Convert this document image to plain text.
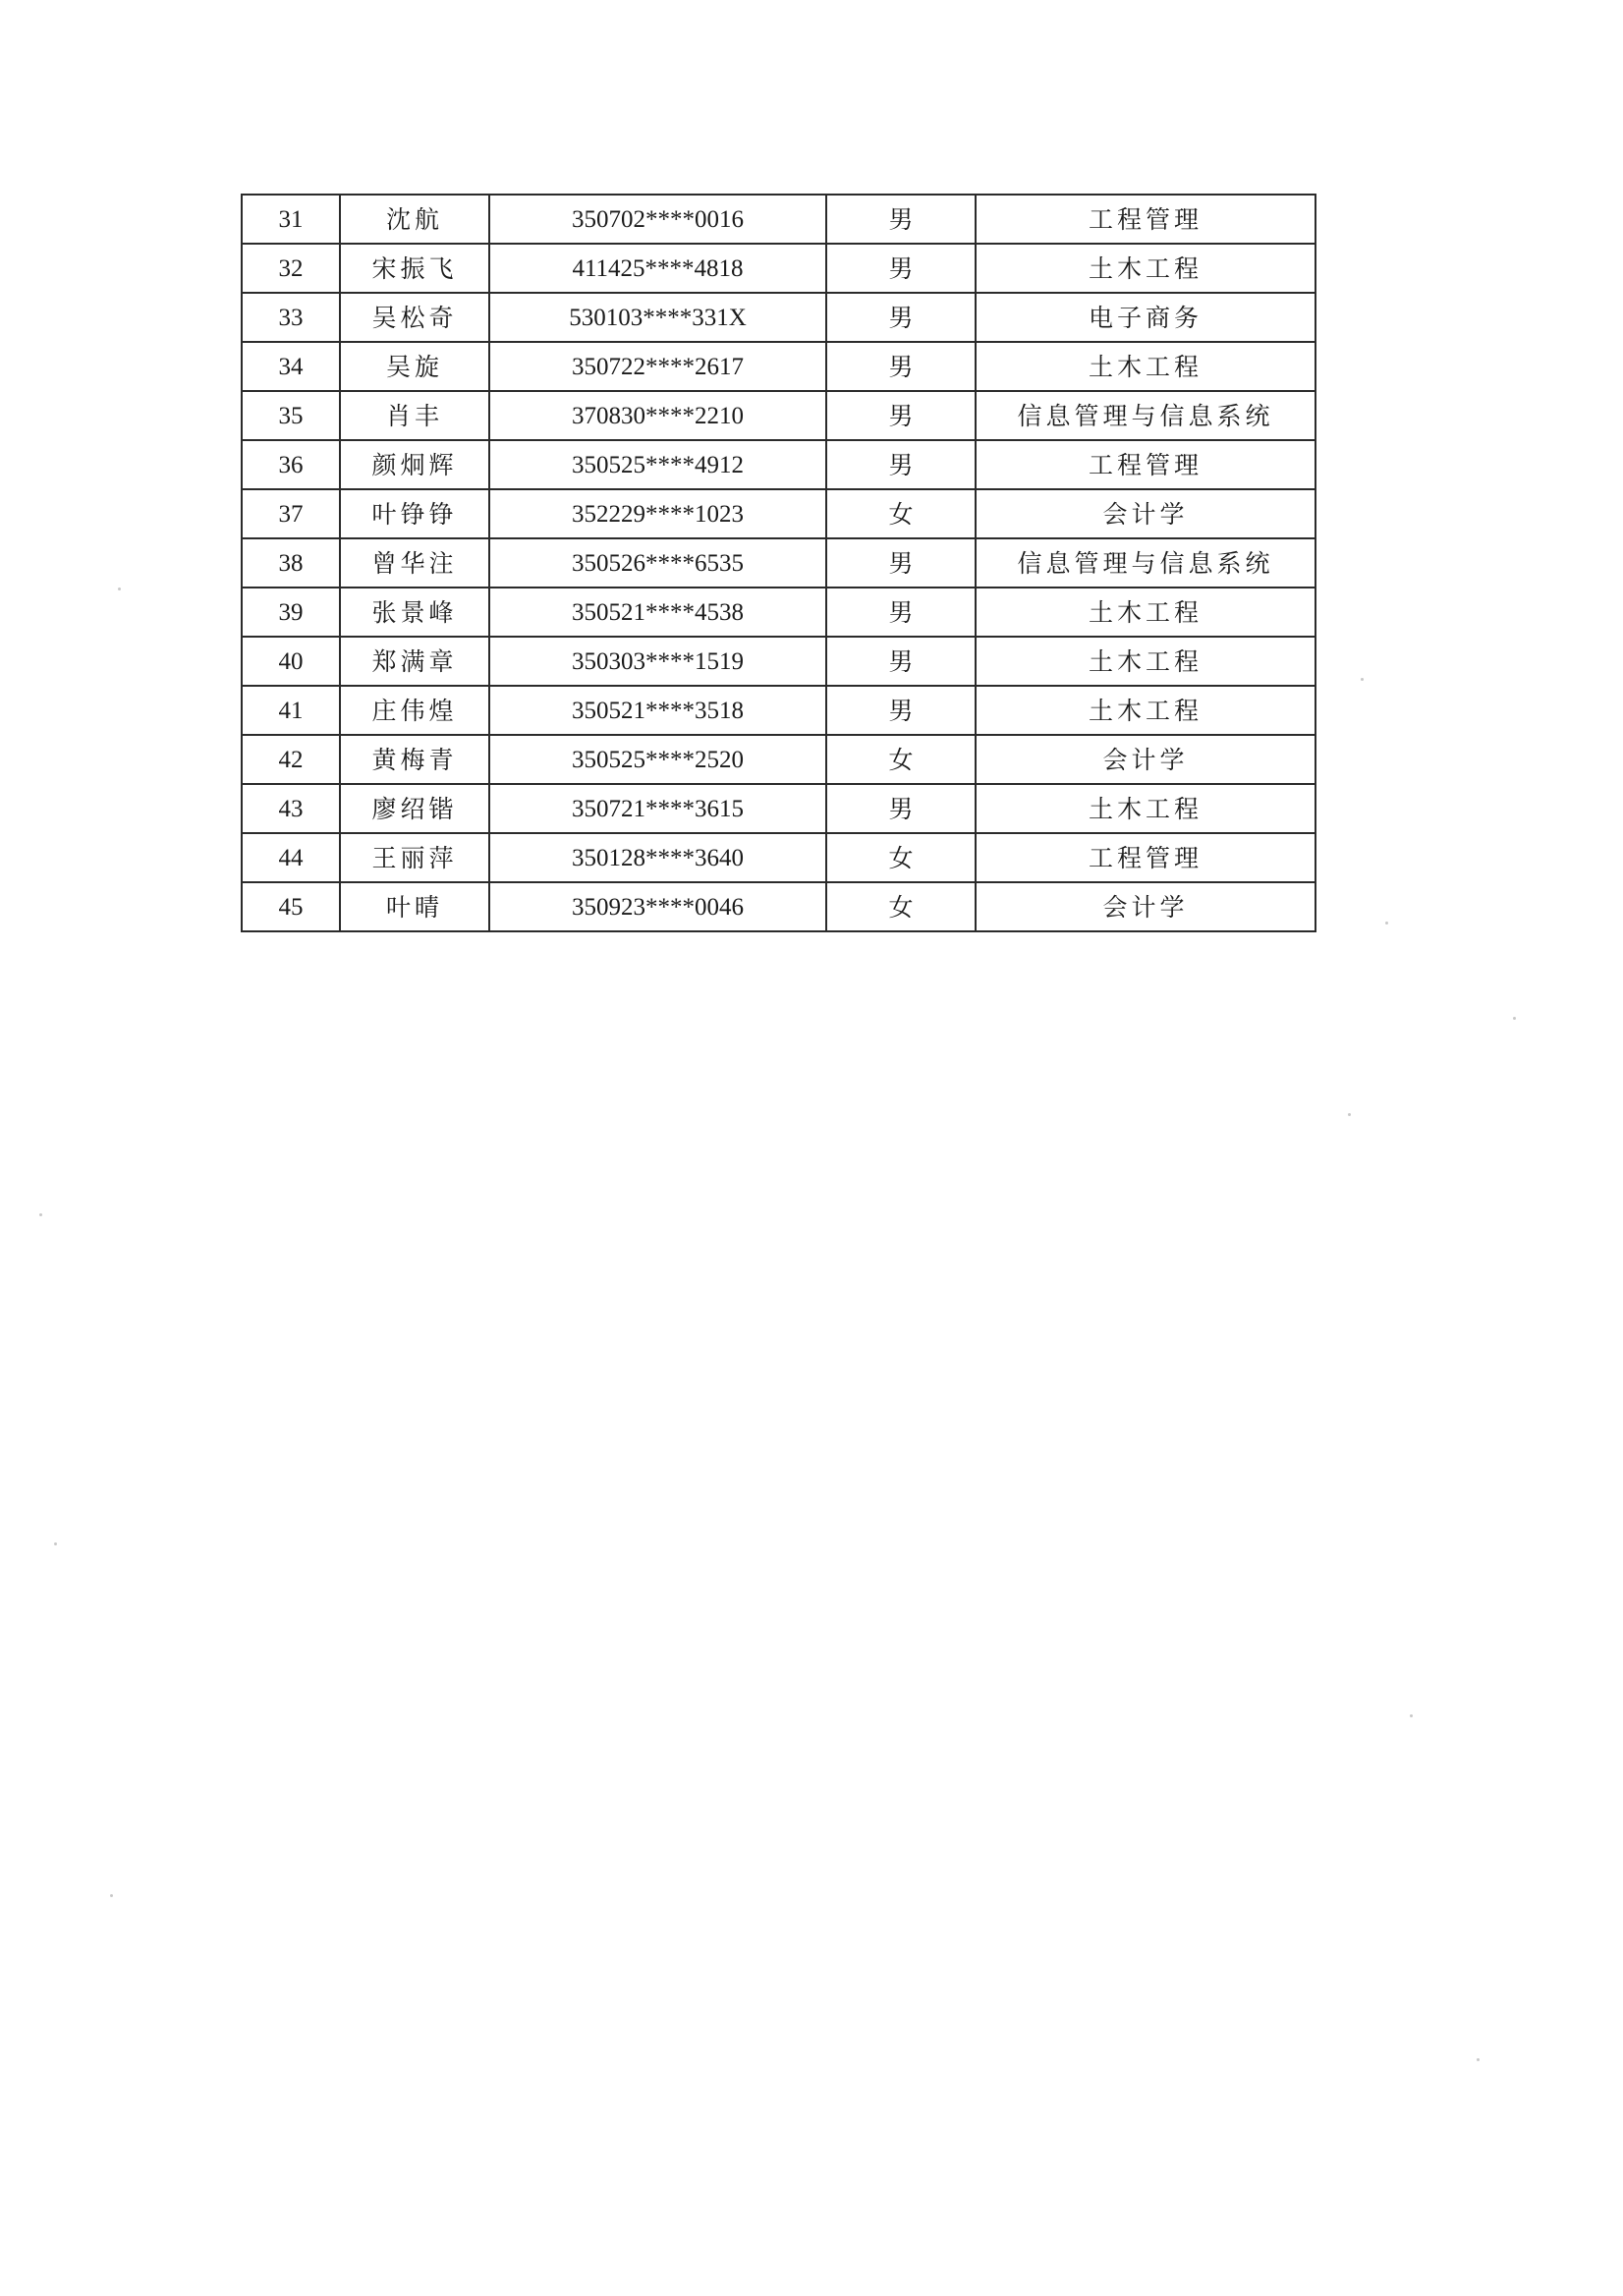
31	沈航	350702****0016	男	工程管理
32	宋振飞	411425****4818	男	土木工程
33	吴松奇	530103****331X	男	电子商务
34	吴旋	350722****2617	男	土木工程
35	肖丰	370830****2210	男	信息管理与信息系统
36	颜炯辉	350525****4912	男	工程管理
37	叶铮铮	352229****1023	女	会计学
38	曾华注	350526****6535	男	信息管理与信息系统
39	张景峰	350521****4538	男	土木工程
40	郑满章	350303****1519	男	土木工程
41	庄伟煌	350521****3518	男	土木工程
42	黄梅青	350525****2520	女	会计学
43	廖绍锴	350721****3615	男	土木工程
44	王丽萍	350128****3640	女	工程管理
45	叶晴	350923****0046	女	会计学
